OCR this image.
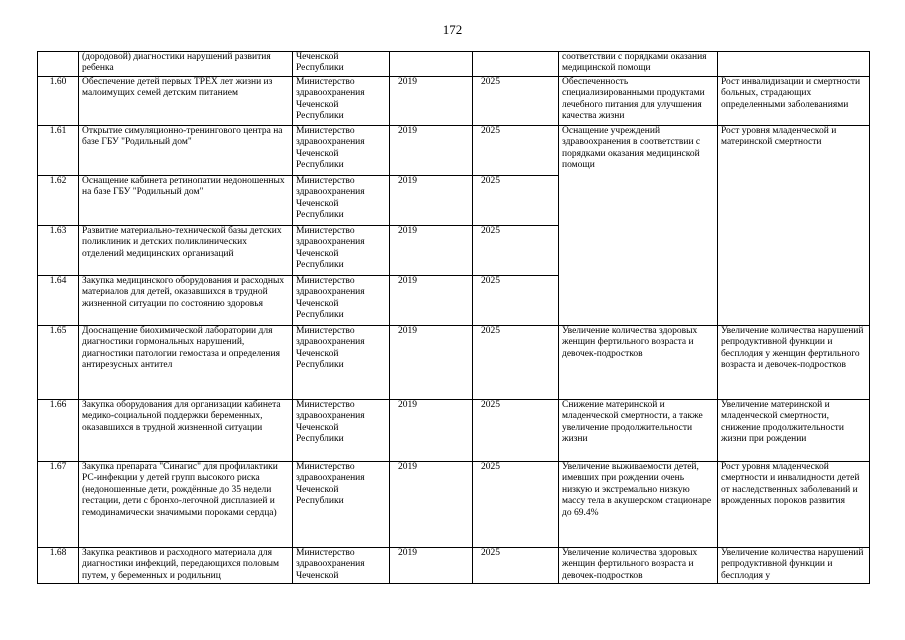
172
	(дородовой) диагностики нарушений развития ребенка	Чеченской Республики			соответствии с порядками оказания медицинской помощи	
1.60	Обеспечение детей первых ТРЕХ лет жизни из малоимущих семей детским питанием	Министерство здравоохранения Чеченской Республики	2019	2025	Обеспеченность специализированными продуктами лечебного питания для улучшения качества жизни	Рост инвалидизации и смертности больных, страдающих определенными заболеваниями
1.61	Открытие симуляционно-тренингового центра на базе ГБУ "Родильный дом"	Министерство здравоохранения Чеченской Республики	2019	2025	Оснащение учреждений здравоохранения в соответствии с порядками оказания медицинской помощи	Рост уровня младенческой и материнской смертности
1.62	Оснащение кабинета ретинопатии недоношенных на базе ГБУ "Родильный дом"	Министерство здравоохранения Чеченской Республики	2019	2025		
1.63	Развитие материально-технической базы детских поликлиник и детских поликлинических отделений медицинских организаций	Министерство здравоохранения Чеченской Республики	2019	2025		
1.64	Закупка медицинского оборудования и расходных материалов для детей, оказавшихся в трудной жизненной ситуации по состоянию здоровья	Министерство здравоохранения Чеченской Республики	2019	2025		
1.65	Дооснащение биохимической лаборатории для диагностики гормональных нарушений, диагностики патологии гемостаза и определения антирезусных антител	Министерство здравоохранения Чеченской Республики	2019	2025	Увеличение количества здоровых женщин фертильного возраста и девочек-подростков	Увеличение количества нарушений репродуктивной функции и бесплодия у женщин фертильного возраста и девочек-подростков
1.66	Закупка оборудования для организации кабинета медико-социальной поддержки беременных, оказавшихся в трудной жизненной ситуации	Министерство здравоохранения Чеченской Республики	2019	2025	Снижение материнской и младенческой смертности, а также увеличение продолжительности жизни	Увеличение материнской и младенческой смертности, снижение продолжительности жизни при рождении
1.67	Закупка препарата "Синагис" для профилактики РС-инфекции у детей групп высокого риска (недоношенные дети, рождённые до 35 недели гестации, дети с бронхо-легочной дисплазией и гемодинамически значимыми пороками сердца)	Министерство здравоохранения Чеченской Республики	2019	2025	Увеличение выживаемости детей, имевших при рождении очень низкую и экстремально низкую массу тела в акушерском стационаре до 69.4%	Рост уровня младенческой смертности и инвалидности детей от наследственных заболеваний и врожденных пороков развития
1.68	Закупка реактивов и расходного материала для диагностики инфекций, передающихся половым путем, у беременных и родильниц	Министерство здравоохранения Чеченской	2019	2025	Увеличение количества здоровых женщин фертильного возраста и девочек-подростков	Увеличение количества нарушений репродуктивной функции и бесплодия у
